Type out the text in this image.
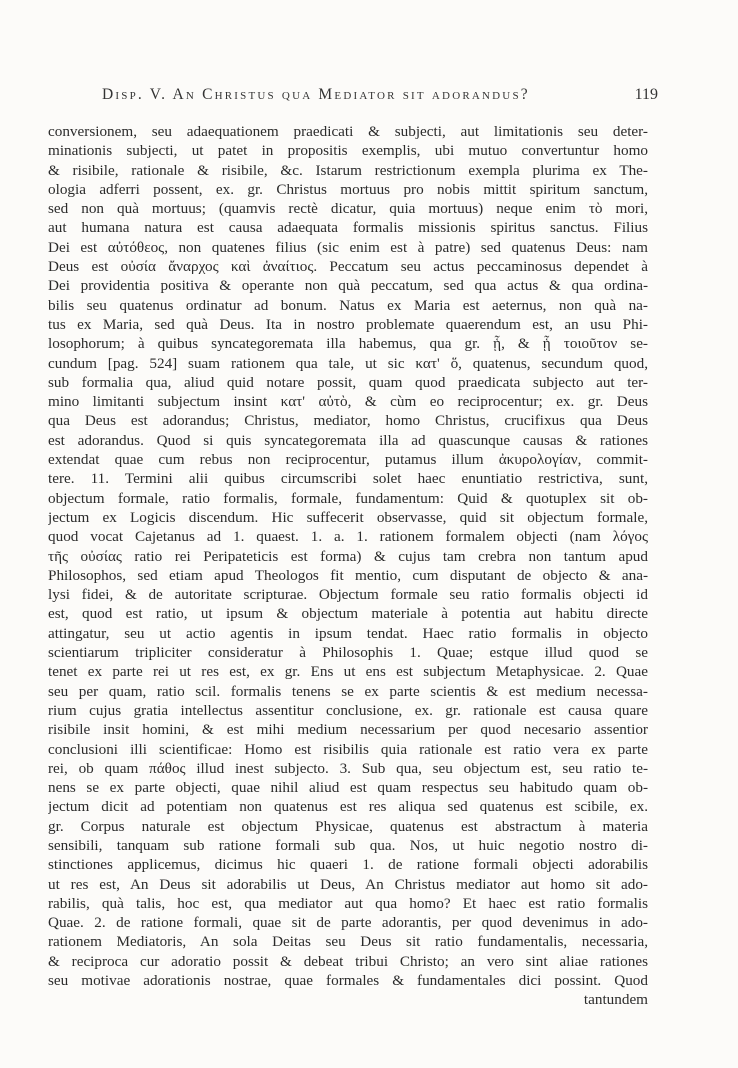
Disp. V. An Christus qua Mediator sit adorandus?	119
conversionem, seu adaequationem praedicati & subjecti, aut limitationis seu deter-
minationis subjecti, ut patet in propositis exemplis, ubi mutuo convertuntur homo
& risibile, rationale & risibile, &c. Istarum restrictionum exempla plurima ex The-
ologia adferri possent, ex. gr. Christus mortuus pro nobis mittit spiritum sanctum,
sed non quà mortuus; (quamvis rectè dicatur, quia mortuus) neque enim τὸ mori,
aut humana natura est causa adaequata formalis missionis spiritus sanctus. Filius
Dei est αὐτόθεος, non quatenes filius (sic enim est à patre) sed quatenus Deus: nam
Deus est οὐσία ἄναρχος καὶ ἀναίτιος. Peccatum seu actus peccaminosus dependet à
Dei providentia positiva & operante non quà peccatum, sed qua actus & qua ordina-
bilis seu quatenus ordinatur ad bonum. Natus ex Maria est aeternus, non quà na-
tus ex Maria, sed quà Deus. Ita in nostro problemate quaerendum est, an usu Phi-
losophorum; à quibus syncategoremata illa habemus, qua gr. ᾗ, & ᾗ τοιοῦτον se-
cundum [pag. 524] suam rationem qua tale, ut sic κατ' ὅ, quatenus, secundum quod,
sub formalia qua, aliud quid notare possit, quam quod praedicata subjecto aut ter-
mino limitanti subjectum insint κατ' αὐτὸ, & cùm eo reciprocentur; ex. gr. Deus
qua Deus est adorandus; Christus, mediator, homo Christus, crucifixus qua Deus
est adorandus. Quod si quis syncategoremata illa ad quascunque causas & rationes
extendat quae cum rebus non reciprocentur, putamus illum ἀκυρολογίαν, commit-
tere. 11. Termini alii quibus circumscribi solet haec enuntiatio restrictiva, sunt,
objectum formale, ratio formalis, formale, fundamentum: Quid & quotuplex sit ob-
jectum ex Logicis discendum. Hic suffecerit observasse, quid sit objectum formale,
quod vocat Cajetanus ad 1. quaest. 1. a. 1. rationem formalem objecti (nam λόγος
τῆς οὐσίας ratio rei Peripateticis est forma) & cujus tam crebra non tantum apud
Philosophos, sed etiam apud Theologos fit mentio, cum disputant de objecto & ana-
lysi fidei, & de autoritate scripturae. Objectum formale seu ratio formalis objecti id
est, quod est ratio, ut ipsum & objectum materiale à potentia aut habitu directe
attingatur, seu ut actio agentis in ipsum tendat. Haec ratio formalis in objecto
scientiarum tripliciter consideratur à Philosophis 1. Quae; estque illud quod se
tenet ex parte rei ut res est, ex gr. Ens ut ens est subjectum Metaphysicae. 2. Quae
seu per quam, ratio scil. formalis tenens se ex parte scientis & est medium necessa-
rium cujus gratia intellectus assentitur conclusione, ex. gr. rationale est causa quare
risibile insit homini, & est mihi medium necessarium per quod necesario assentior
conclusioni illi scientificae: Homo est risibilis quia rationale est ratio vera ex parte
rei, ob quam πάθος illud inest subjecto. 3. Sub qua, seu objectum est, seu ratio te-
nens se ex parte objecti, quae nihil aliud est quam respectus seu habitudo quam ob-
jectum dicit ad potentiam non quatenus est res aliqua sed quatenus est scibile, ex.
gr. Corpus naturale est objectum Physicae, quatenus est abstractum à materia
sensibili, tanquam sub ratione formali sub qua. Nos, ut huic negotio nostro di-
stinctiones applicemus, dicimus hic quaeri 1. de ratione formali objecti adorabilis
ut res est, An Deus sit adorabilis ut Deus, An Christus mediator aut homo sit ado-
rabilis, quà talis, hoc est, qua mediator aut qua homo? Et haec est ratio formalis
Quae. 2. de ratione formali, quae sit de parte adorantis, per quod devenimus in ado-
rationem Mediatoris, An sola Deitas seu Deus sit ratio fundamentalis, necessaria,
& reciproca cur adoratio possit & debeat tribui Christo; an vero sint aliae rationes
seu motivae adorationis nostrae, quae formales & fundamentales dici possint. Quod
tantundem
